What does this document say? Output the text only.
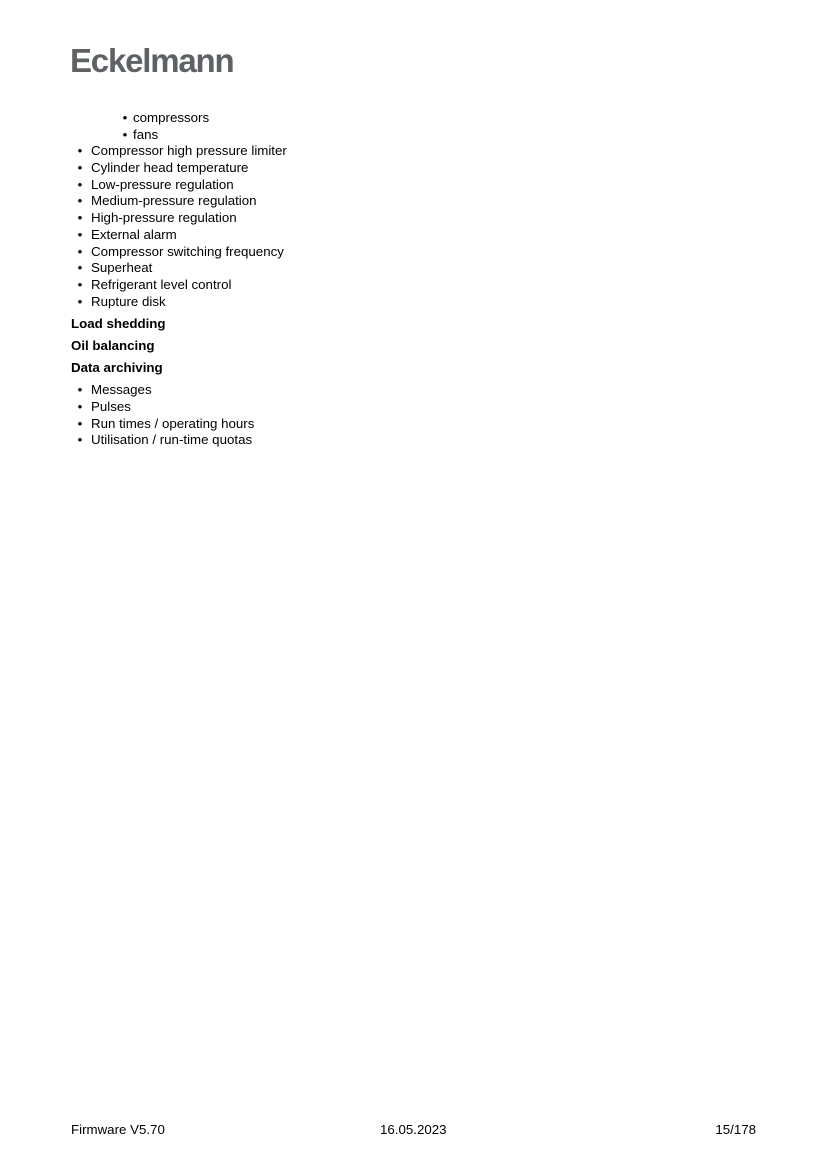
Eckelmann
• compressors
• fans
• Compressor high pressure limiter
• Cylinder head temperature
• Low-pressure regulation
• Medium-pressure regulation
• High-pressure regulation
• External alarm
• Compressor switching frequency
• Superheat
• Refrigerant level control
• Rupture disk

Load shedding

Oil balancing

Data archiving

• Messages
• Pulses
• Run times / operating hours
• Utilisation / run-time quotas
Firmware V5.70	16.05.2023	15/178
